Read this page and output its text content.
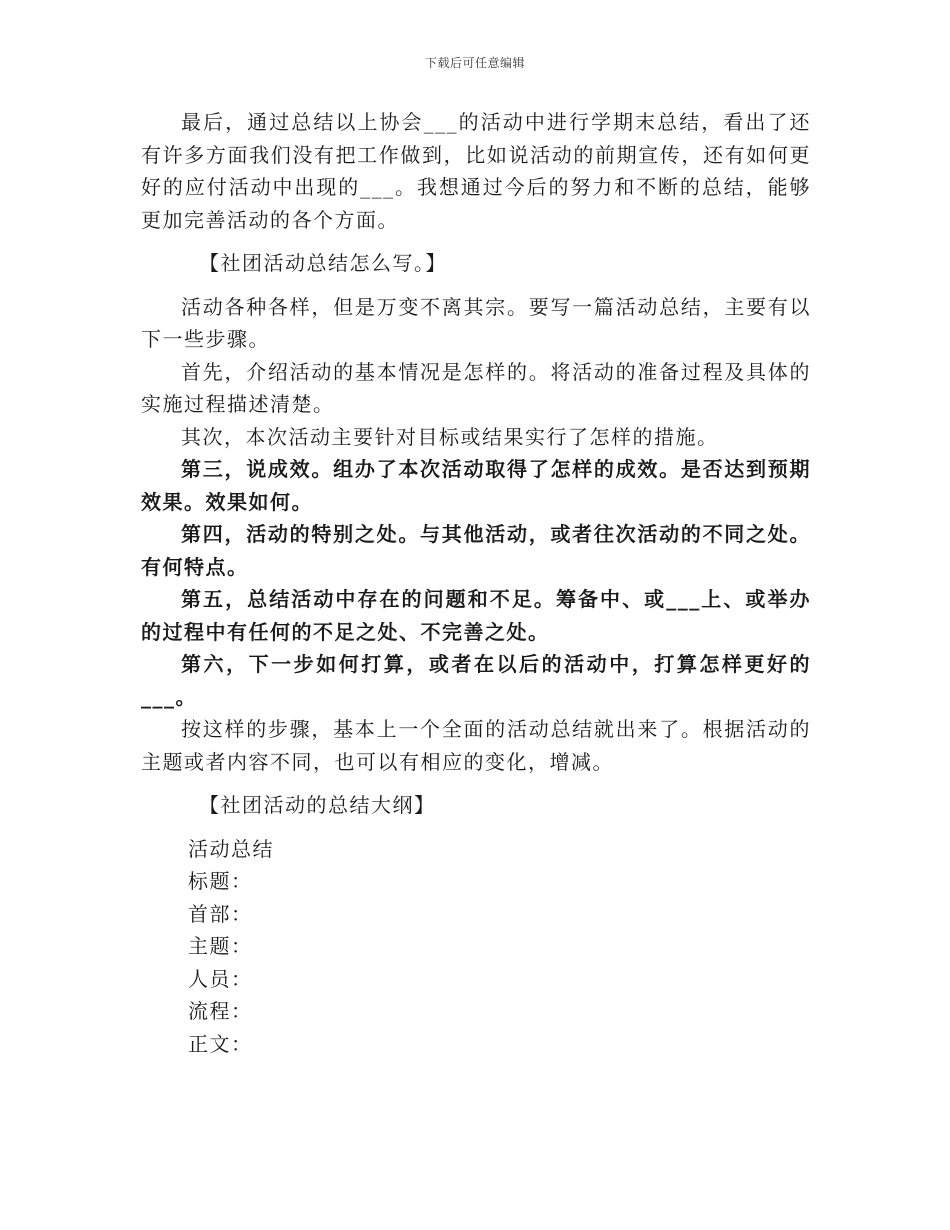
下载后可任意编辑

最后，通过总结以上协会___的活动中进行学期末总结，看出了还有许多方面我们没有把工作做到，比如说活动的前期宣传，还有如何更好的应付活动中出现的___。我想通过今后的努力和不断的总结，能够更加完善活动的各个方面。

【社团活动总结怎么写。】

活动各种各样，但是万变不离其宗。要写一篇活动总结，主要有以下一些步骤。

首先，介绍活动的基本情况是怎样的。将活动的准备过程及具体的实施过程描述清楚。

其次，本次活动主要针对目标或结果实行了怎样的措施。

第三，说成效。组办了本次活动取得了怎样的成效。是否达到预期效果。效果如何。

第四，活动的特别之处。与其他活动，或者往次活动的不同之处。有何特点。

第五，总结活动中存在的问题和不足。筹备中、或___上、或举办的过程中有任何的不足之处、不完善之处。

第六，下一步如何打算，或者在以后的活动中，打算怎样更好的___。

按这样的步骤，基本上一个全面的活动总结就出来了。根据活动的主题或者内容不同，也可以有相应的变化，增减。

【社团活动的总结大纲】

活动总结

标题：

首部：

主题：

人员：

流程：

正文：
